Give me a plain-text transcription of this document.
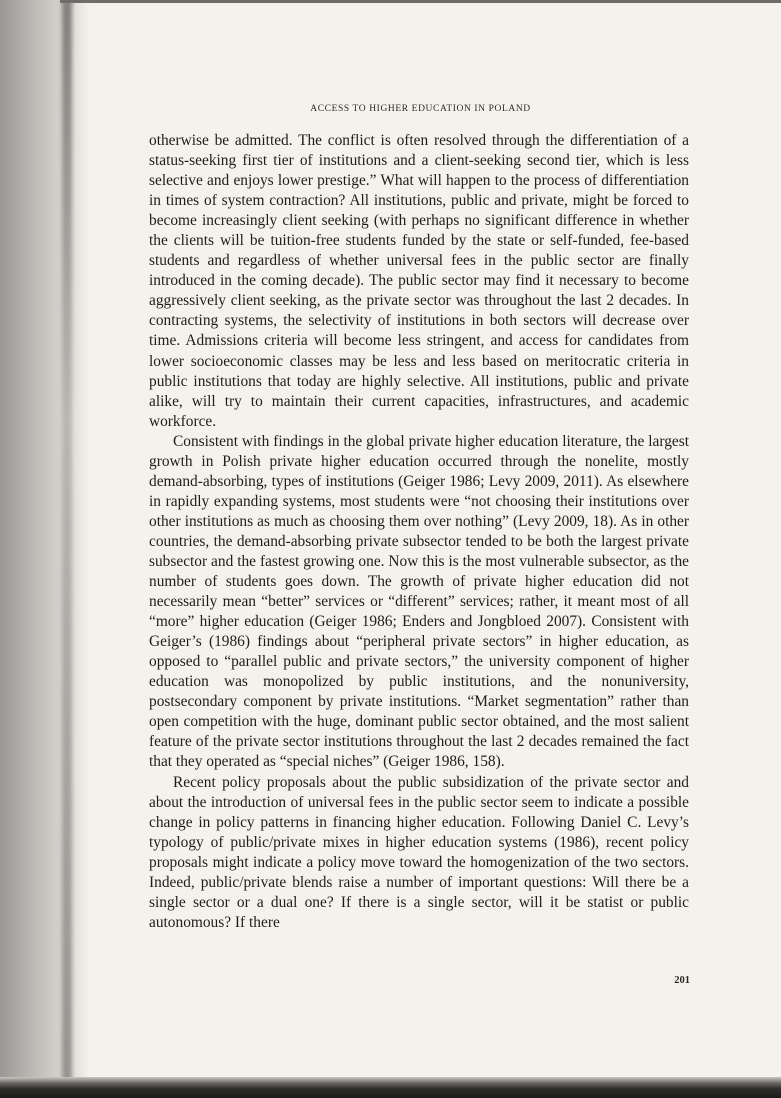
ACCESS TO HIGHER EDUCATION IN POLAND

otherwise be admitted. The conflict is often resolved through the differentiation of a status-seeking first tier of institutions and a client-seeking second tier, which is less selective and enjoys lower prestige.” What will happen to the process of differentiation in times of system contraction? All institutions, public and private, might be forced to become increasingly client seeking (with perhaps no significant difference in whether the clients will be tuition-free students funded by the state or self-funded, fee-based students and regardless of whether universal fees in the public sector are finally introduced in the coming decade). The public sector may find it necessary to become aggressively client seeking, as the private sector was throughout the last 2 decades. In contracting systems, the selectivity of institutions in both sectors will decrease over time. Admissions criteria will become less stringent, and access for candidates from lower socioeconomic classes may be less and less based on meritocratic criteria in public institutions that today are highly selective. All institutions, public and private alike, will try to maintain their current capacities, infrastructures, and academic workforce.

Consistent with findings in the global private higher education literature, the largest growth in Polish private higher education occurred through the nonelite, mostly demand-absorbing, types of institutions (Geiger 1986; Levy 2009, 2011). As elsewhere in rapidly expanding systems, most students were “not choosing their institutions over other institutions as much as choosing them over nothing” (Levy 2009, 18). As in other countries, the demand-absorbing private subsector tended to be both the largest private subsector and the fastest growing one. Now this is the most vulnerable subsector, as the number of students goes down. The growth of private higher education did not necessarily mean “better” services or “different” services; rather, it meant most of all “more” higher education (Geiger 1986; Enders and Jongbloed 2007). Consistent with Geiger’s (1986) findings about “peripheral private sectors” in higher education, as opposed to “parallel public and private sectors,” the university component of higher education was monopolized by public institutions, and the nonuniversity, postsecondary component by private institutions. “Market segmentation” rather than open competition with the huge, dominant public sector obtained, and the most salient feature of the private sector institutions throughout the last 2 decades remained the fact that they operated as “special niches” (Geiger 1986, 158).

Recent policy proposals about the public subsidization of the private sector and about the introduction of universal fees in the public sector seem to indicate a possible change in policy patterns in financing higher education. Following Daniel C. Levy’s typology of public/private mixes in higher education systems (1986), recent policy proposals might indicate a policy move toward the homogenization of the two sectors. Indeed, public/private blends raise a number of important questions: Will there be a single sector or a dual one? If there is a single sector, will it be statist or public autonomous? If there

201
